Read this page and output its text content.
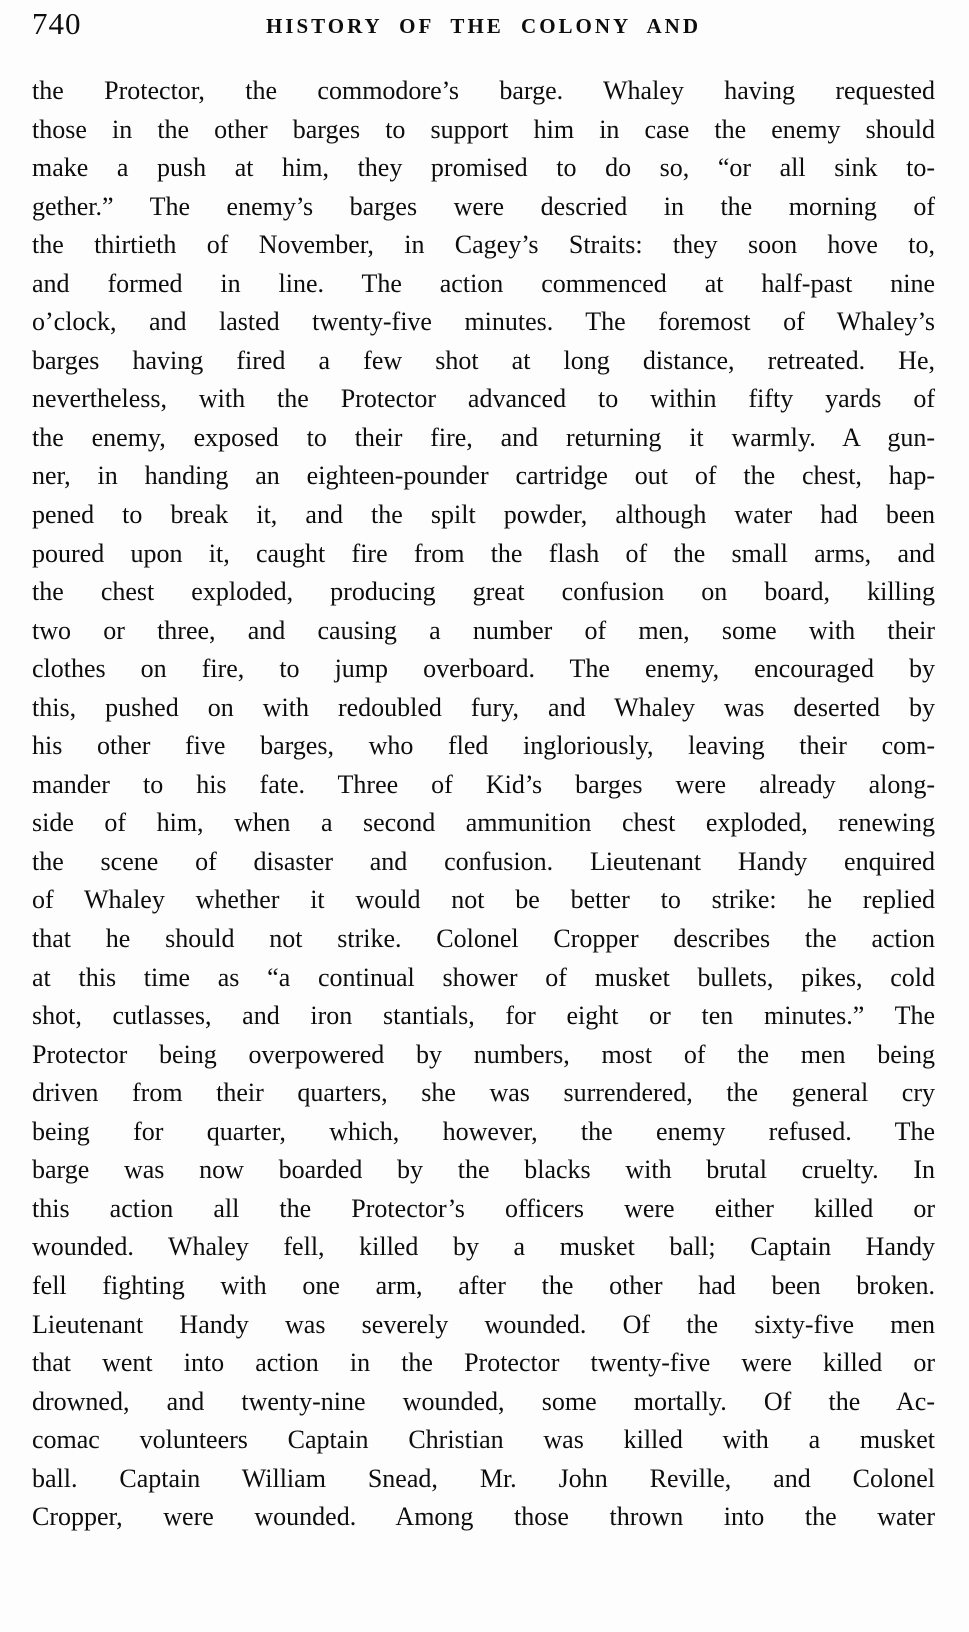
740	HISTORY OF THE COLONY AND
the Protector, the commodore’s barge. Whaley having requested
those in the other barges to support him in case the enemy should
make a push at him, they promised to do so, “or all sink to-
gether.” The enemy’s barges were descried in the morning of
the thirtieth of November, in Cagey’s Straits: they soon hove to,
and formed in line. The action commenced at half-past nine
o’clock, and lasted twenty-five minutes. The foremost of Whaley’s
barges having fired a few shot at long distance, retreated. He,
nevertheless, with the Protector advanced to within fifty yards of
the enemy, exposed to their fire, and returning it warmly. A gun-
ner, in handing an eighteen-pounder cartridge out of the chest, hap-
pened to break it, and the spilt powder, although water had been
poured upon it, caught fire from the flash of the small arms, and
the chest exploded, producing great confusion on board, killing
two or three, and causing a number of men, some with their
clothes on fire, to jump overboard. The enemy, encouraged by
this, pushed on with redoubled fury, and Whaley was deserted by
his other five barges, who fled ingloriously, leaving their com-
mander to his fate. Three of Kid’s barges were already along-
side of him, when a second ammunition chest exploded, renewing
the scene of disaster and confusion. Lieutenant Handy enquired
of Whaley whether it would not be better to strike: he replied
that he should not strike. Colonel Cropper describes the action
at this time as “a continual shower of musket bullets, pikes, cold
shot, cutlasses, and iron stantials, for eight or ten minutes.” The
Protector being overpowered by numbers, most of the men being
driven from their quarters, she was surrendered, the general cry
being for quarter, which, however, the enemy refused. The
barge was now boarded by the blacks with brutal cruelty. In
this action all the Protector’s officers were either killed or
wounded. Whaley fell, killed by a musket ball; Captain Handy
fell fighting with one arm, after the other had been broken.
Lieutenant Handy was severely wounded. Of the sixty-five men
that went into action in the Protector twenty-five were killed or
drowned, and twenty-nine wounded, some mortally. Of the Ac-
comac volunteers Captain Christian was killed with a musket
ball. Captain William Snead, Mr. John Reville, and Colonel
Cropper, were wounded. Among those thrown into the water
